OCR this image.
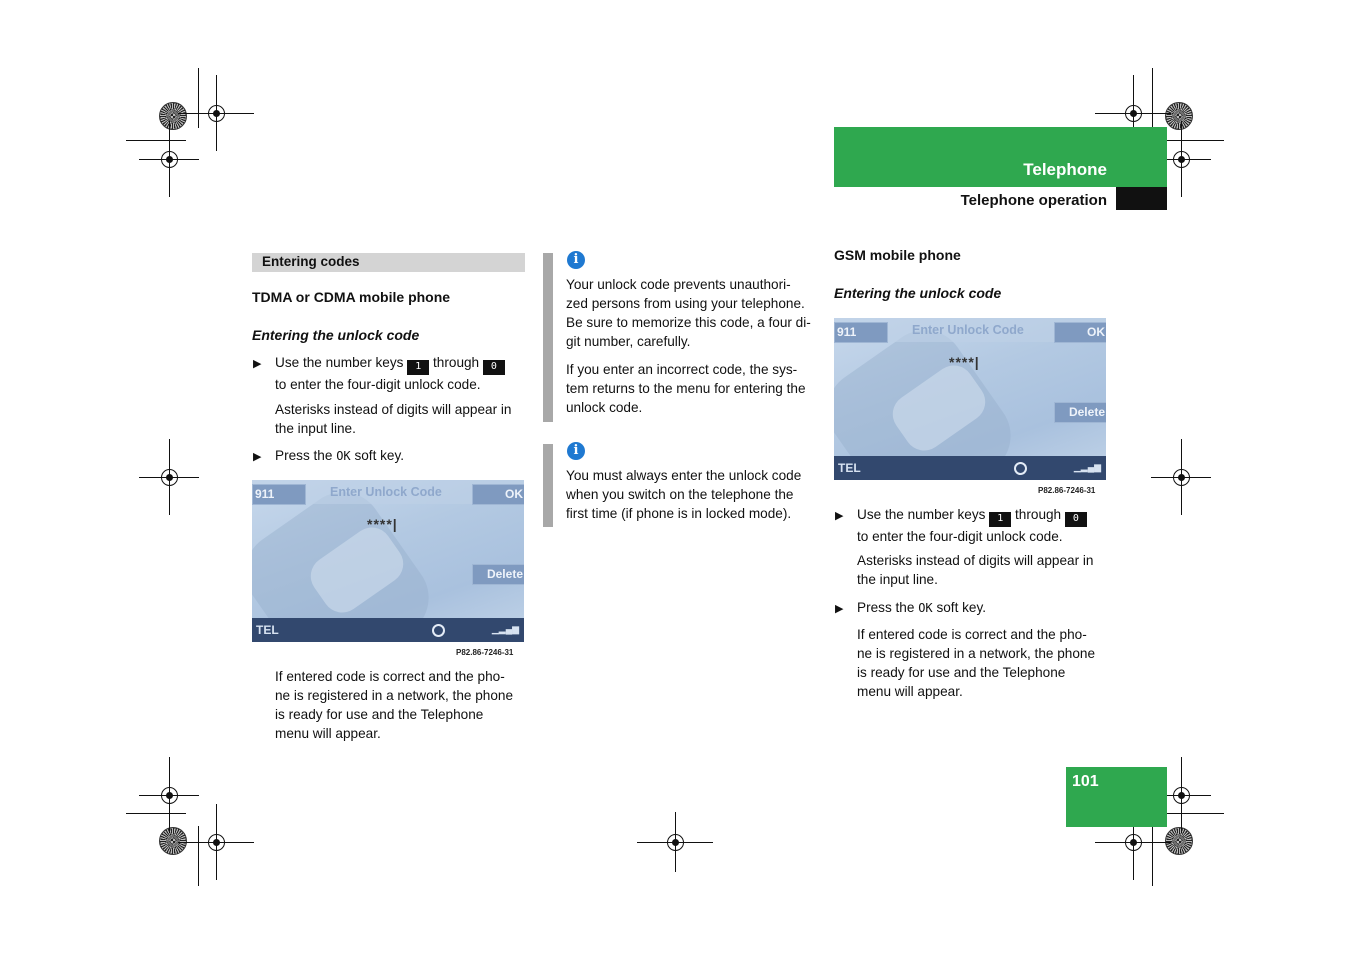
Telephone
Telephone operation
101
Entering codes
TDMA or CDMA mobile phone
Entering the unlock code
▶ Use the number keys 1 through 0
to enter the four-digit unlock code.
Asterisks instead of digits will appear in
the input line.
▶ Press the OK soft key.
911	Enter Unlock Code	OK
****|
Delete
TEL	▁▂▄▆
P82.86-7246-31
If entered code is correct and the pho-
ne is registered in a network, the phone
is ready for use and the Telephone
menu will appear.
i
Your unlock code prevents unauthori-
zed persons from using your telephone.
Be sure to memorize this code, a four di-
git number, carefully.
If you enter an incorrect code, the sys-
tem returns to the menu for entering the
unlock code.
i
You must always enter the unlock code
when you switch on the telephone the
first time (if phone is in locked mode).
GSM mobile phone
Entering the unlock code
911	Enter Unlock Code	OK
****|
Delete
TEL	▁▂▄▆
P82.86-7246-31
▶ Use the number keys 1 through 0
to enter the four-digit unlock code.
Asterisks instead of digits will appear in
the input line.
▶ Press the OK soft key.
If entered code is correct and the pho-
ne is registered in a network, the phone
is ready for use and the Telephone
menu will appear.
